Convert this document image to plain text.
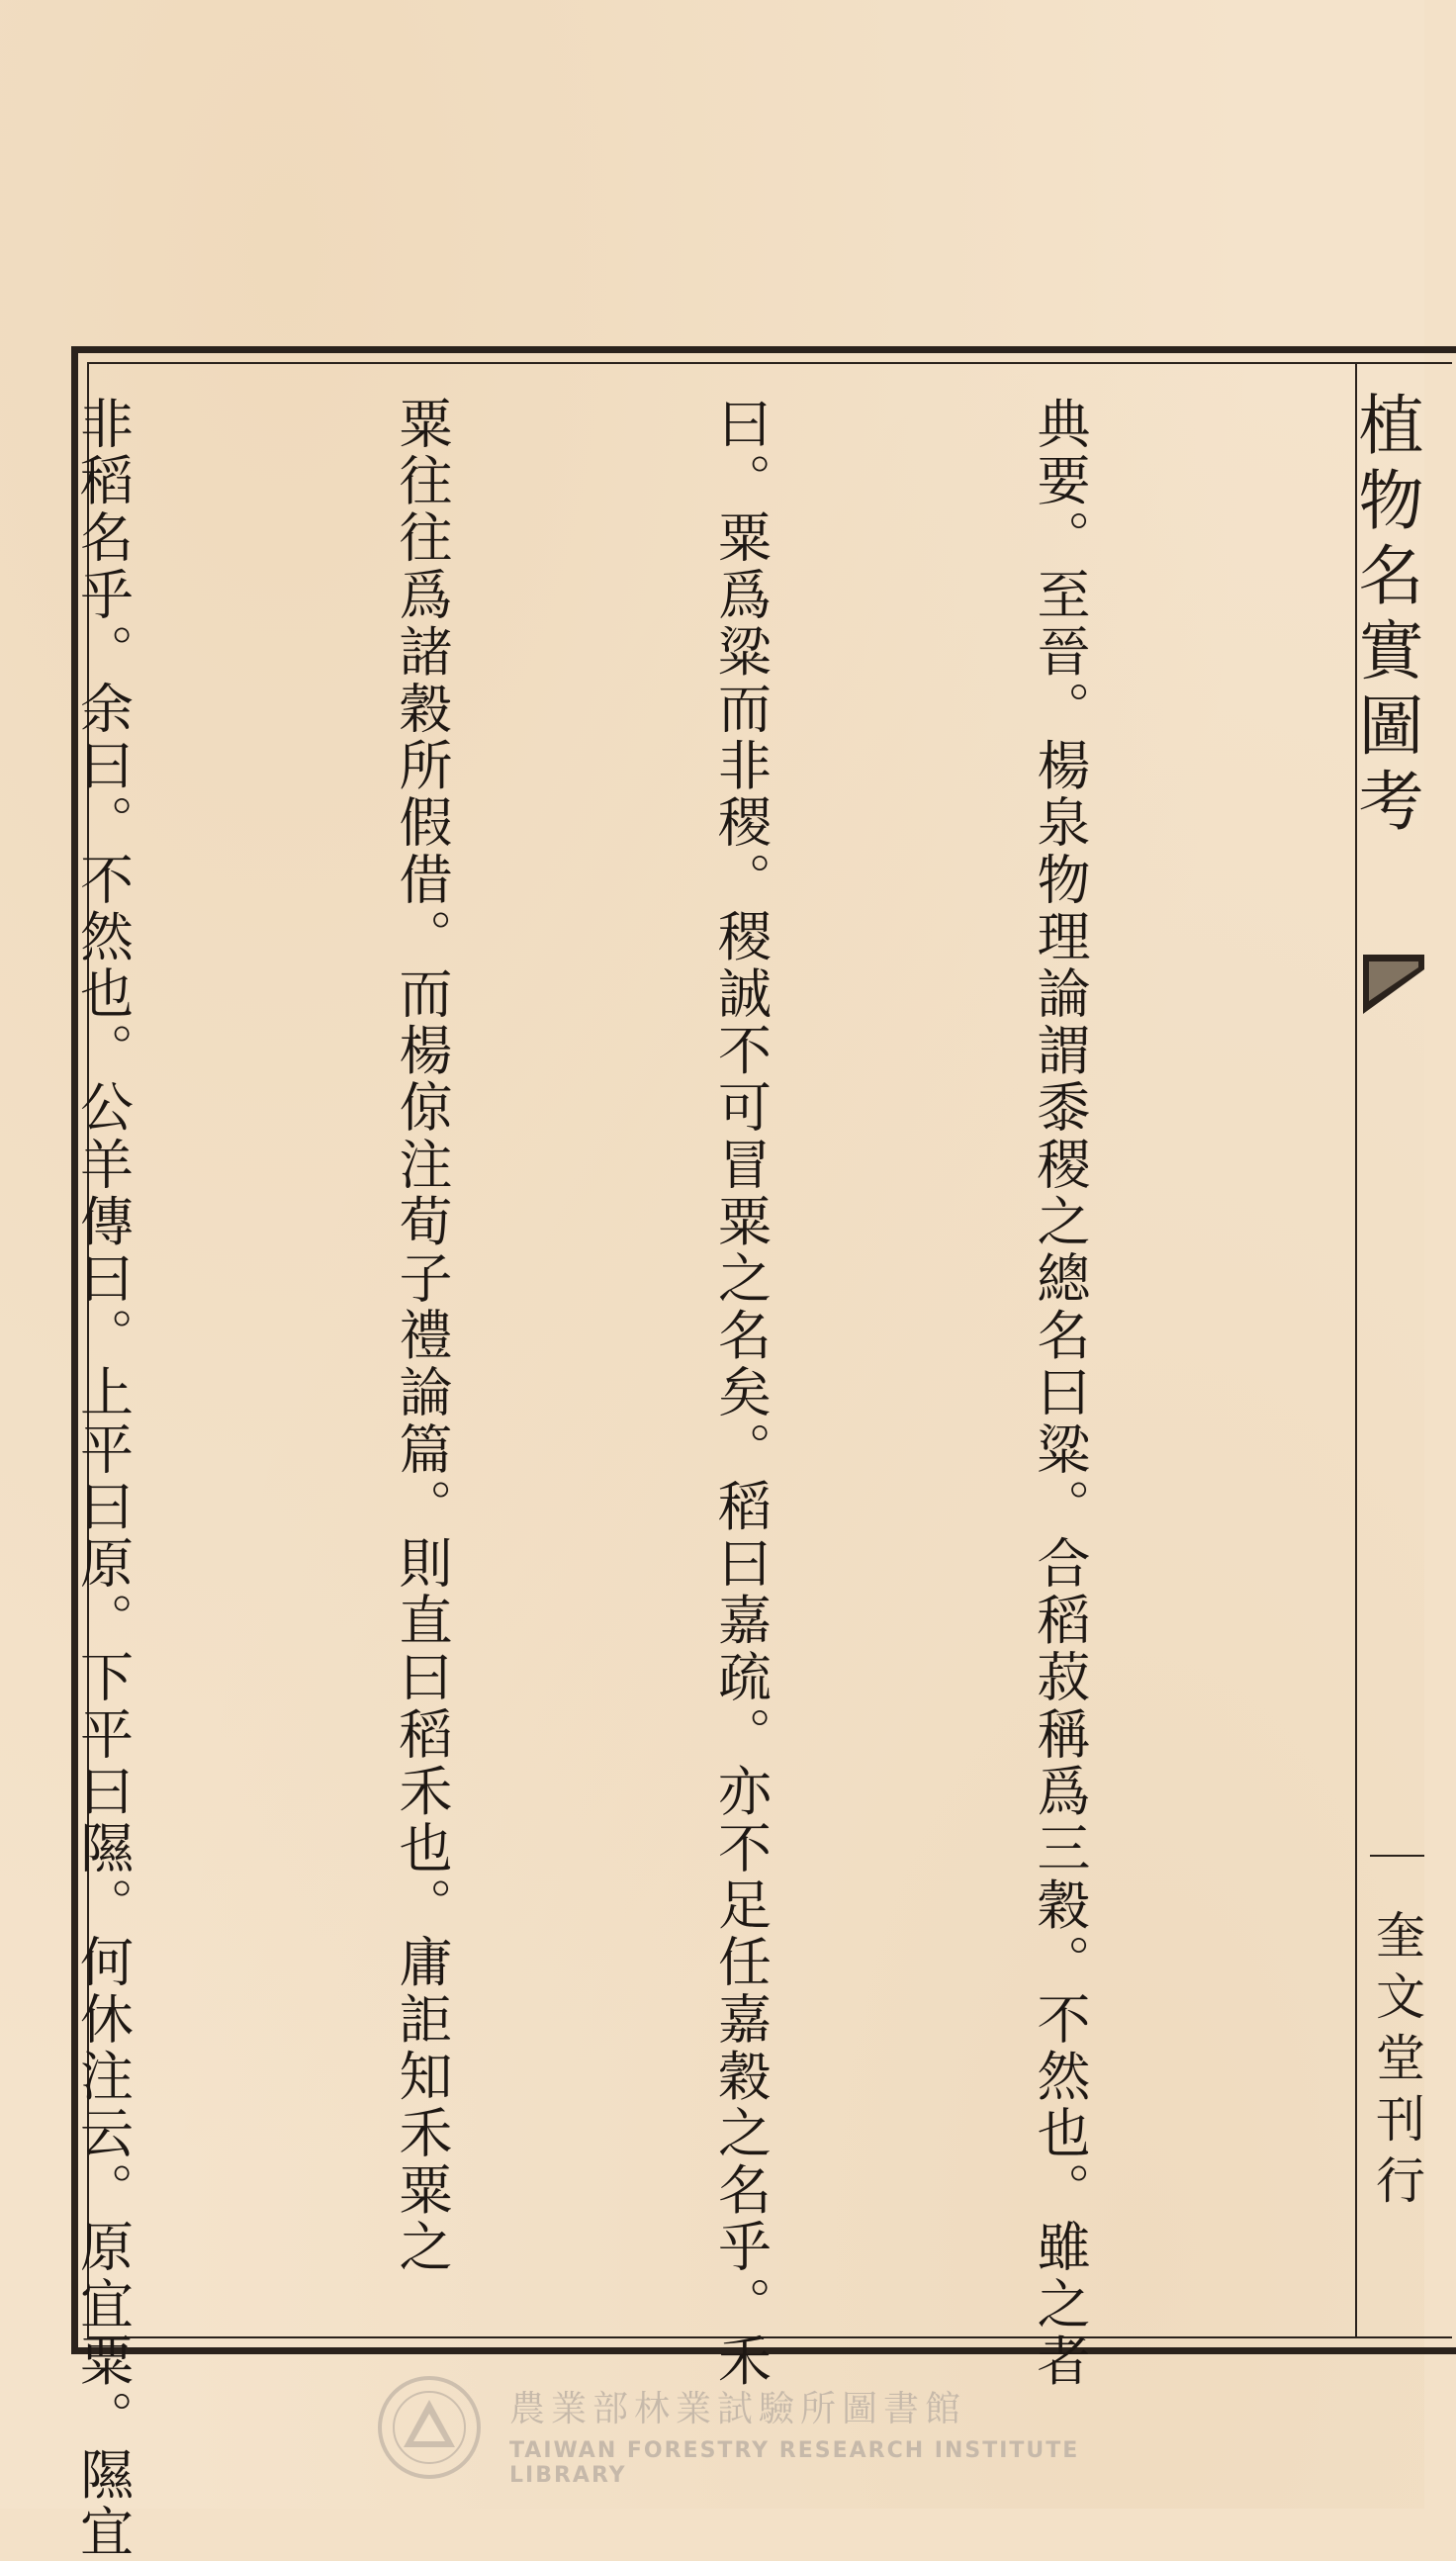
植物名實圖考
奎文堂刊行

典要。至晉。楊泉物理論謂黍稷之總名曰粱。合稻菽稱爲三穀。不然也。雖之者

曰。粟爲粱而非稷。稷誠不可冒粟之名矣。稻曰嘉疏。亦不足任嘉穀之名乎。禾

粟往往爲諸穀所假借。而楊倞注荀子禮論篇。則直曰稻禾也。庸詎知禾粟之

非稻名乎。余曰。不然也。公羊傳曰。上平曰原。下平曰隰。何休注云。原宜粟。隰宜

	農業部林業試驗所圖書館
TAIWAN FORESTRY RESEARCH INSTITUTE LIBRARY
